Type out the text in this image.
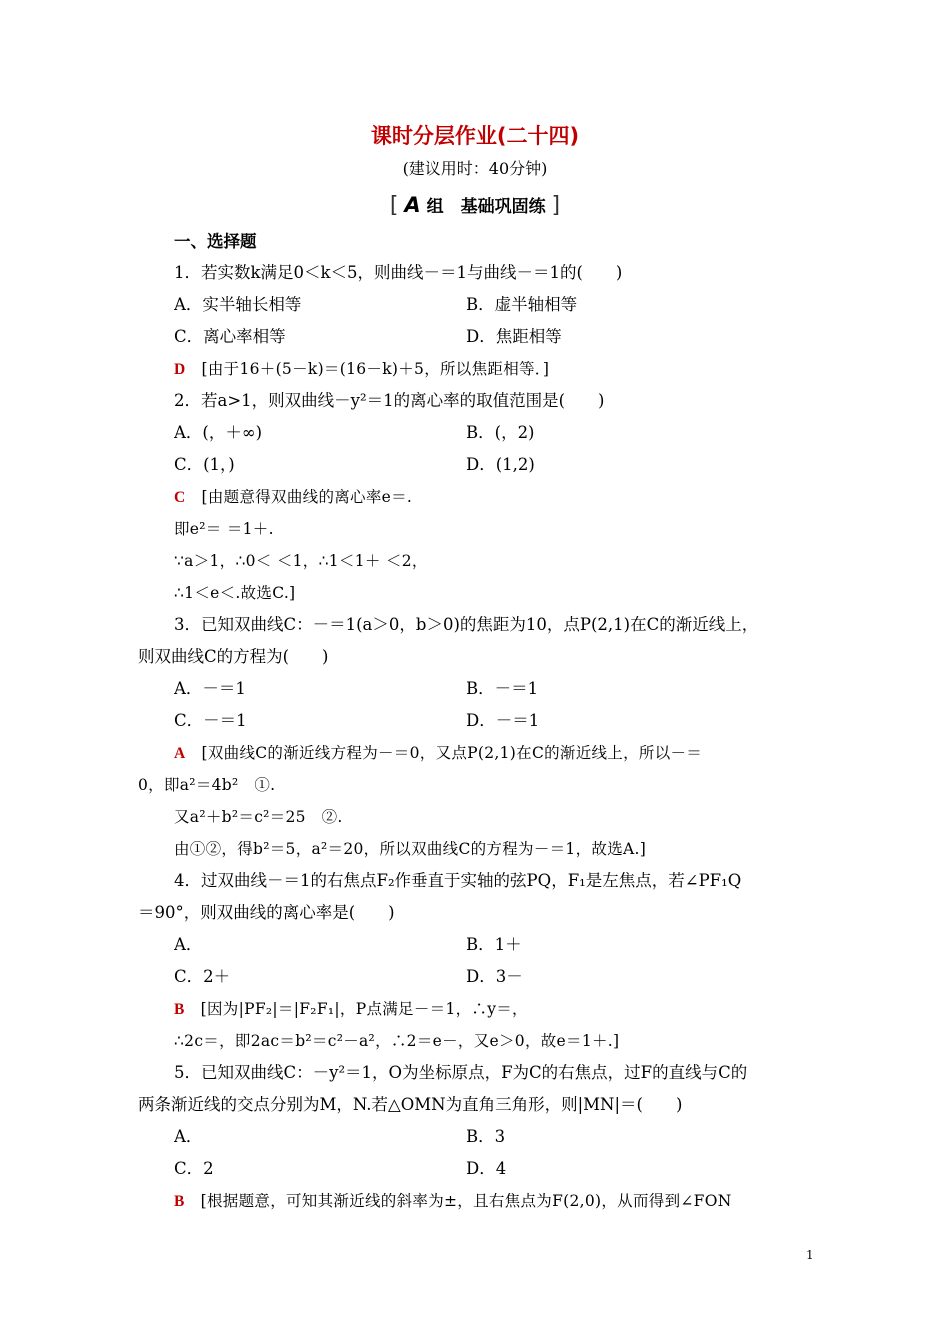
课时分层作业(二十四)
(建议用时：40分钟)
[ A 组　基础巩固练 ]
一、选择题
1．若实数k满足0＜k＜5，则曲线－＝1与曲线－＝1的(　　)
A．实半轴长相等	B．虚半轴相等
C．离心率相等	D．焦距相等
D [由于16＋(5－k)＝(16－k)＋5，所以焦距相等．]
2．若a>1，则双曲线－y²＝1的离心率的取值范围是(　　)
A．(，＋∞)	B．(，2)
C．(1，)	D．(1,2)
C [由题意得双曲线的离心率e＝.
即e²＝ ＝1＋.
∵a＞1，∴0＜ ＜1，∴1＜1＋ ＜2，
∴1＜e＜.故选C.]
3．已知双曲线C：－＝1(a＞0，b＞0)的焦距为10，点P(2,1)在C的渐近线上，
则双曲线C的方程为(　　)
A．－＝1	B．－＝1
C．－＝1	D．－＝1
A [双曲线C的渐近线方程为－＝0，又点P(2,1)在C的渐近线上，所以－＝
0，即a²＝4b²　①.
又a²＋b²＝c²＝25　②.
由①②，得b²＝5，a²＝20，所以双曲线C的方程为－＝1，故选A.]
4．过双曲线－＝1的右焦点F₂作垂直于实轴的弦PQ，F₁是左焦点，若∠PF₁Q
＝90°，则双曲线的离心率是(　　)
A．	B．1＋
C．2＋	D．3－
B [因为|PF₂|＝|F₂F₁|，P点满足－＝1，∴y＝，
∴2c＝，即2ac＝b²＝c²－a²，∴2＝e－，又e＞0，故e＝1＋.]
5．已知双曲线C：－y²＝1，O为坐标原点，F为C的右焦点，过F的直线与C的
两条渐近线的交点分别为M，N.若△OMN为直角三角形，则|MN|＝(　　)
A．	B．3
C．2	D．4
B [根据题意，可知其渐近线的斜率为±，且右焦点为F(2,0)，从而得到∠FON
1
